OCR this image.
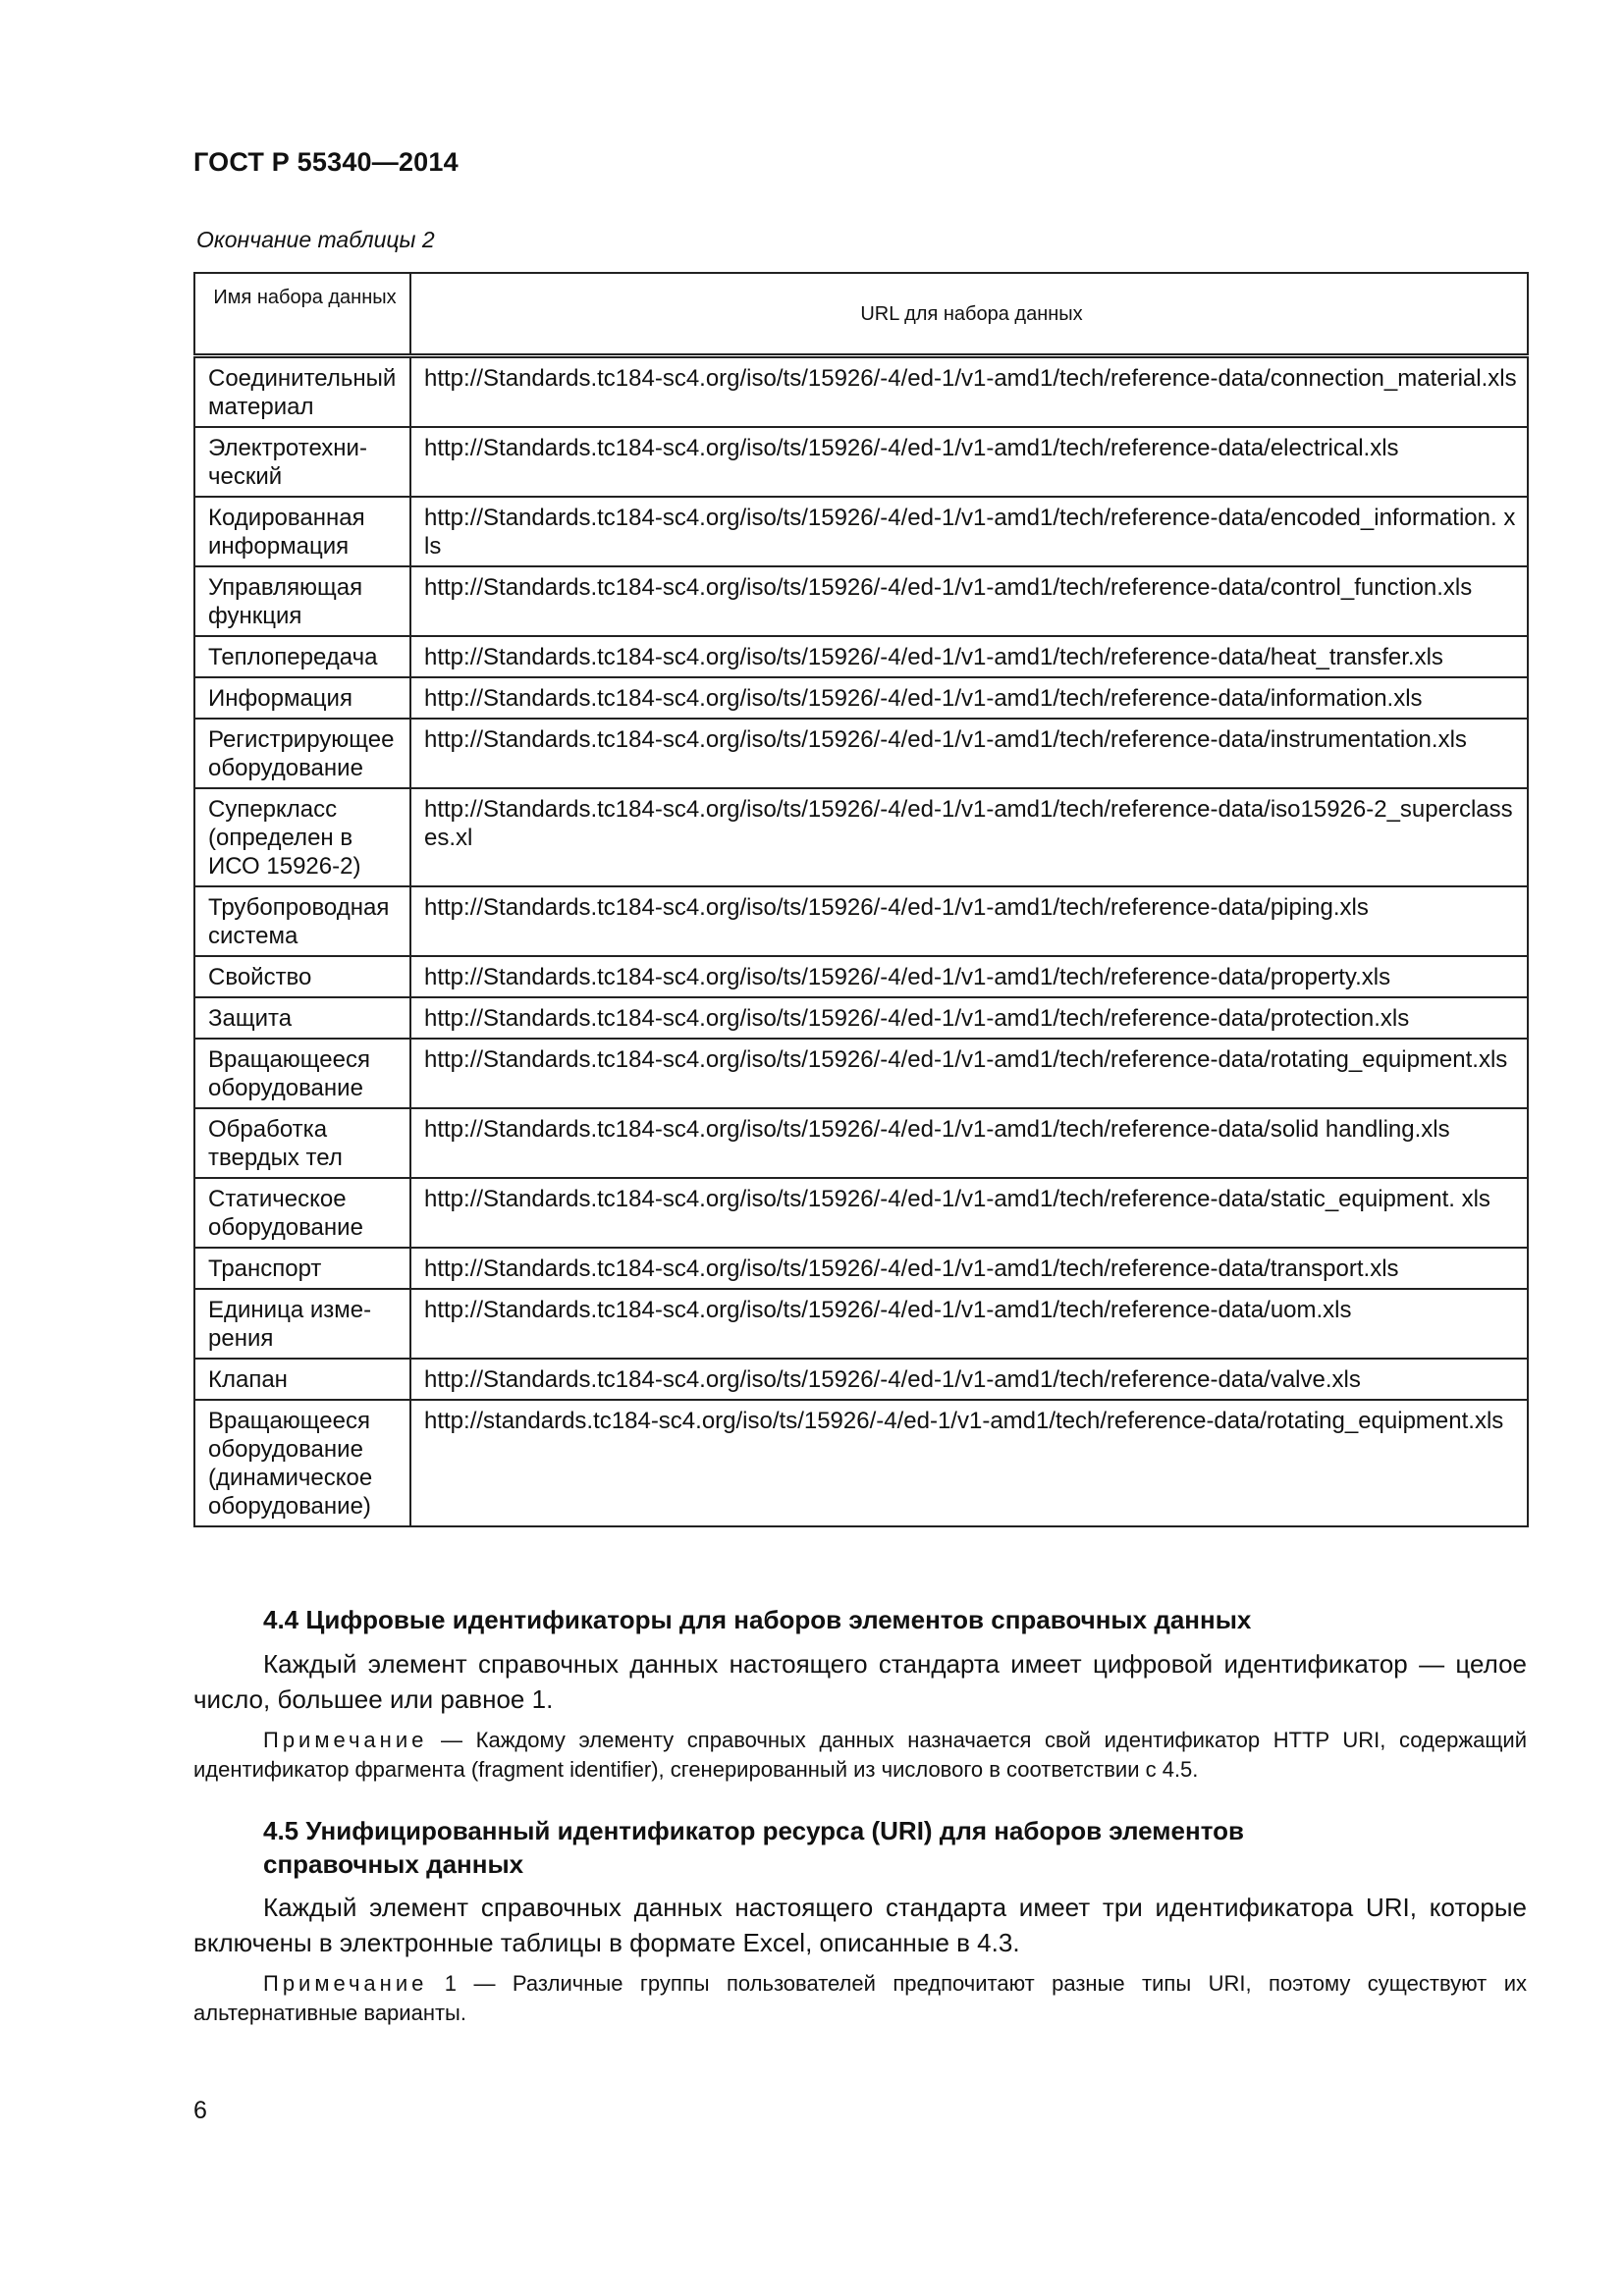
ГОСТ Р 55340—2014
Окончание таблицы 2
Имя набора данных	URL для набора данных
Соединительный материал	http://Standards.tc184-sc4.org/iso/ts/15926/-4/ed-1/v1-amd1/tech/reference-data/connection_material.xls
Электротехнический	http://Standards.tc184-sc4.org/iso/ts/15926/-4/ed-1/v1-amd1/tech/reference-data/electrical.xls
Кодированная информация	http://Standards.tc184-sc4.org/iso/ts/15926/-4/ed-1/v1-amd1/tech/reference-data/encoded_information. xls
Управляющая функция	http://Standards.tc184-sc4.org/iso/ts/15926/-4/ed-1/v1-amd1/tech/reference-data/control_function.xls
Теплопередача	http://Standards.tc184-sc4.org/iso/ts/15926/-4/ed-1/v1-amd1/tech/reference-data/heat_transfer.xls
Информация	http://Standards.tc184-sc4.org/iso/ts/15926/-4/ed-1/v1-amd1/tech/reference-data/information.xls
Регистрирующее оборудование	http://Standards.tc184-sc4.org/iso/ts/15926/-4/ed-1/v1-amd1/tech/reference-data/instrumentation.xls
Суперкласс (определен в ИСО 15926-2)	http://Standards.tc184-sc4.org/iso/ts/15926/-4/ed-1/v1-amd1/tech/reference-data/iso15926-2_superclasses.xl
Трубопроводная система	http://Standards.tc184-sc4.org/iso/ts/15926/-4/ed-1/v1-amd1/tech/reference-data/piping.xls
Свойство	http://Standards.tc184-sc4.org/iso/ts/15926/-4/ed-1/v1-amd1/tech/reference-data/property.xls
Защита	http://Standards.tc184-sc4.org/iso/ts/15926/-4/ed-1/v1-amd1/tech/reference-data/protection.xls
Вращающееся оборудование	http://Standards.tc184-sc4.org/iso/ts/15926/-4/ed-1/v1-amd1/tech/reference-data/rotating_equipment.xls
Обработка твердых тел	http://Standards.tc184-sc4.org/iso/ts/15926/-4/ed-1/v1-amd1/tech/reference-data/solid handling.xls
Статическое оборудование	http://Standards.tc184-sc4.org/iso/ts/15926/-4/ed-1/v1-amd1/tech/reference-data/static_equipment. xls
Транспорт	http://Standards.tc184-sc4.org/iso/ts/15926/-4/ed-1/v1-amd1/tech/reference-data/transport.xls
Единица измерения	http://Standards.tc184-sc4.org/iso/ts/15926/-4/ed-1/v1-amd1/tech/reference-data/uom.xls
Клапан	http://Standards.tc184-sc4.org/iso/ts/15926/-4/ed-1/v1-amd1/tech/reference-data/valve.xls
Вращающееся оборудование (динамическое оборудование)	http://standards.tc184-sc4.org/iso/ts/15926/-4/ed-1/v1-amd1/tech/reference-data/rotating_equipment.xls
4.4 Цифровые идентификаторы для наборов элементов справочных данных
Каждый элемент справочных данных настоящего стандарта имеет цифровой идентификатор — целое число, большее или равное 1.
Примечание — Каждому элементу справочных данных назначается свой идентификатор HTTP URI, содержащий идентификатор фрагмента (fragment identifier), сгенерированный из числового в соответствии с 4.5.
4.5 Унифицированный идентификатор ресурса (URI) для наборов элементов справочных данных
Каждый элемент справочных данных настоящего стандарта имеет три идентификатора URI, которые включены в электронные таблицы в формате Excel, описанные в 4.3.
Примечание 1 — Различные группы пользователей предпочитают разные типы URI, поэтому существуют их альтернативные варианты.
6
